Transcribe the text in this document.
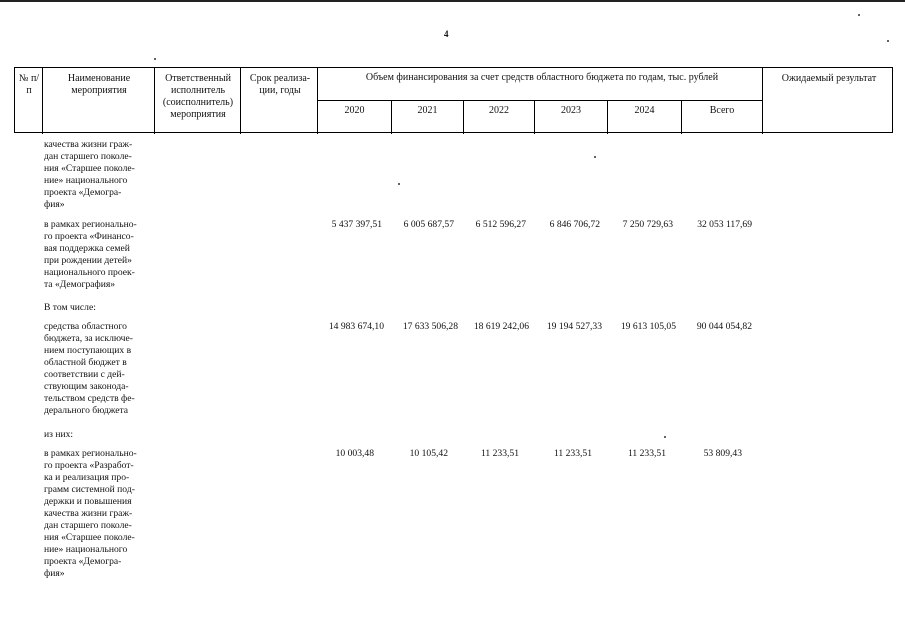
4
№ п/п
Наименование мероприятия
Ответственный исполнитель (соисполнитель) мероприятия
Срок реализа-ции, годы
Объем финансирования за счет средств областного бюджета по годам, тыс. рублей	Ожидаемый результат
2020	2021	2022	2023	2024	Всего
качества жизни граж-
дан старшего поколе-
ния «Старшее поколе-
ние» национального
проекта «Демогра-
фия»
в рамках регионально-
го проекта «Финансо-
вая поддержка семей
при рождении детей»
национального проек-
та «Демография»
5 437 397,51	6 005 687,57	6 512 596,27	6 846 706,72	7 250 729,63	32 053 117,69
В том числе:
средства областного
бюджета, за исключе-
нием поступающих в
областной бюджет в
соответствии с дей-
ствующим законода-
тельством средств фе-
дерального бюджета
14 983 674,10	17 633 506,28	18 619 242,06	19 194 527,33	19 613 105,05	90 044 054,82
из них:
в рамках регионально-
го проекта «Разработ-
ка и реализация про-
грамм системной под-
держки и повышения
качества жизни граж-
дан старшего поколе-
ния «Старшее поколе-
ние» национального
проекта «Демогра-
фия»
10 003,48	10 105,42	11 233,51	11 233,51	11 233,51	53 809,43
